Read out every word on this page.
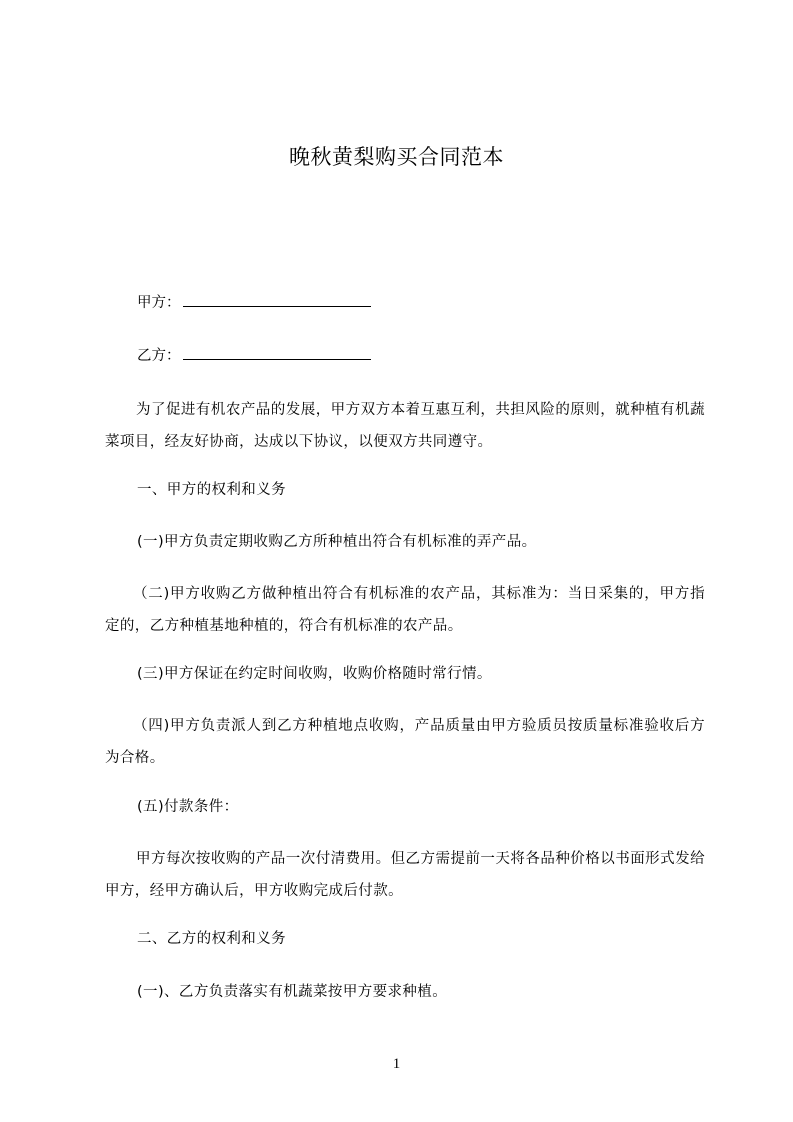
晚秋黄梨购买合同范本
甲方：
乙方：
为了促进有机农产品的发展，甲方双方本着互惠互利，共担风险的原则，就种植有机蔬菜项目，经友好协商，达成以下协议，以便双方共同遵守。
一、甲方的权利和义务
(一)甲方负责定期收购乙方所种植出符合有机标准的弄产品。
（二)甲方收购乙方做种植出符合有机标准的农产品，其标准为：当日采集的，甲方指定的，乙方种植基地种植的，符合有机标准的农产品。
(三)甲方保证在约定时间收购，收购价格随时常行情。
（四)甲方负责派人到乙方种植地点收购，产品质量由甲方验质员按质量标准验收后方为合格。
(五)付款条件：
甲方每次按收购的产品一次付清费用。但乙方需提前一天将各品种价格以书面形式发给甲方，经甲方确认后，甲方收购完成后付款。
二、乙方的权利和义务
(一)、乙方负责落实有机蔬菜按甲方要求种植。
1
